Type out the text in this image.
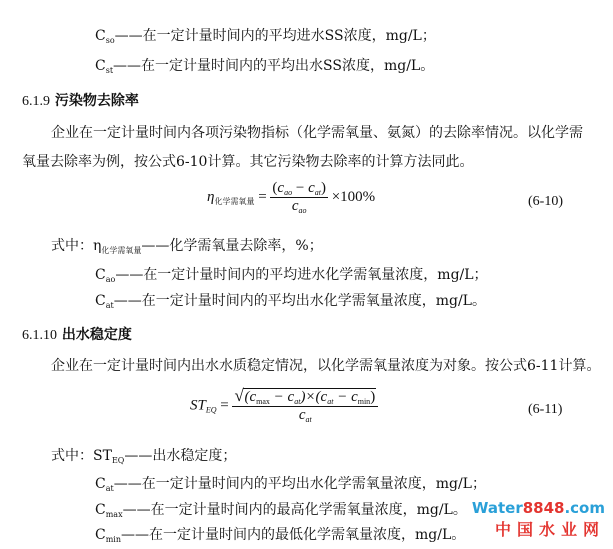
$C_{so}——$在一定计量时间内的平均进水SS浓度，mg/L；
$C_{st}——$在一定计量时间内的平均出水SS浓度，mg/L。
6.1.9 污染物去除率
企业在一定计量时间内各项污染物指标（化学需氧量、氨氮）的去除率情况。以化学需
氧量去除率为例，按公式6-10计算。其它污染物去除率的计算方法同此。
$\eta_{化学需氧量} = \frac{(c_{ao} - c_{at})}{c_{ao}} \times 100\%$	(6-10)
式中：$\eta_{化学需氧量}——$化学需氧量去除率，%；
$C_{ao}——$在一定计量时间内的平均进水化学需氧量浓度，mg/L；
$C_{at}——$在一定计量时间内的平均出水化学需氧量浓度，mg/L。
6.1.10 出水稳定度
企业在一定计量时间内出水水质稳定情况，以化学需氧量浓度为对象。按公式6-11计算。
$ST_{EQ} = \frac{√ (c_{max} - c_{at})\times(c_{at} - c_{min})}{c_{at}}$	(6-11)
式中：$ST_{EQ}——$出水稳定度；
$C_{at}——$在一定计量时间内的平均出水化学需氧量浓度，mg/L；
$C_{max}——$在一定计量时间内的最高化学需氧量浓度，mg/L。
$C_{min}——$在一定计量时间内的最低化学需氧量浓度，mg/L。
Water8848.com
中国水业网
